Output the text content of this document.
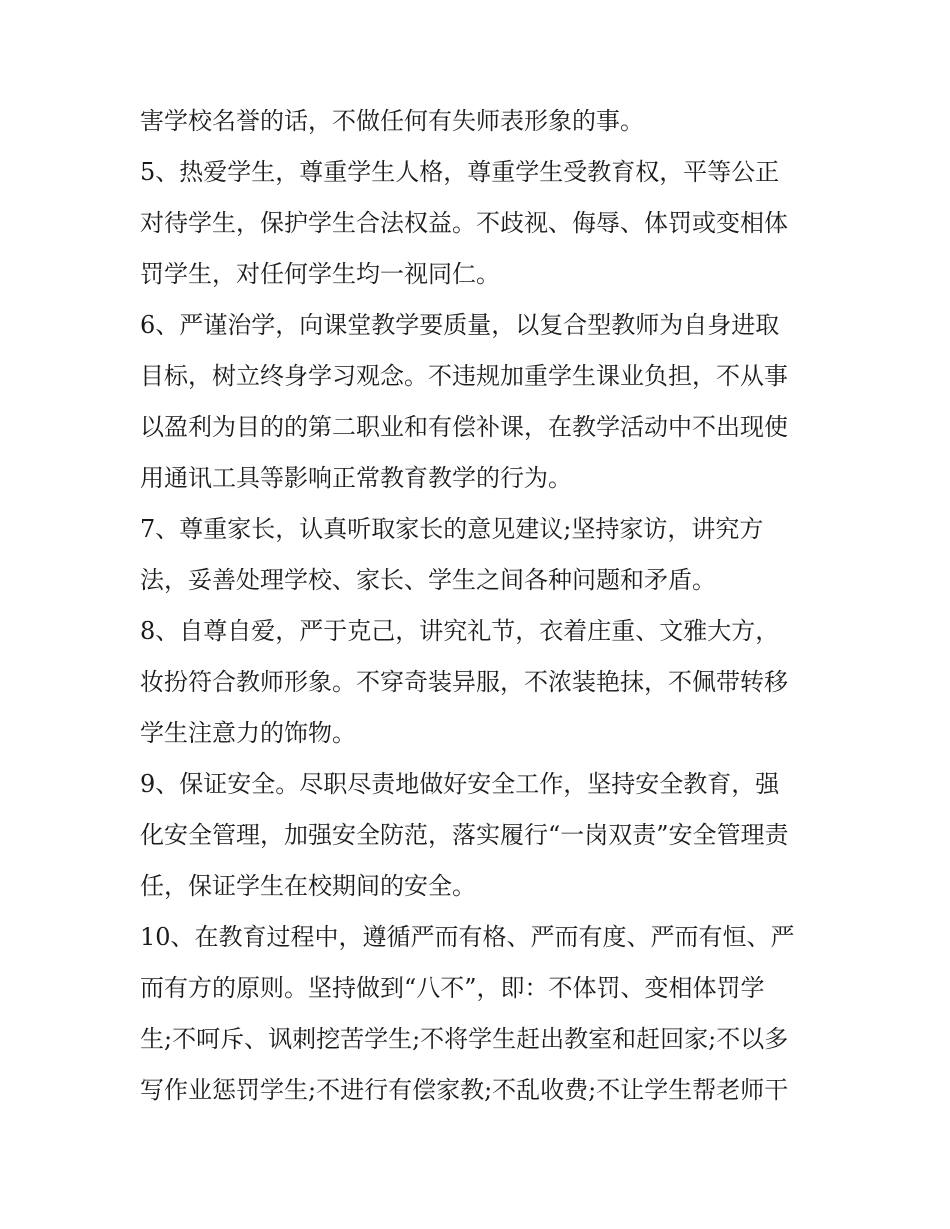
害学校名誉的话，不做任何有失师表形象的事。
5、热爱学生，尊重学生人格，尊重学生受教育权，平等公正
对待学生，保护学生合法权益。不歧视、侮辱、体罚或变相体
罚学生，对任何学生均一视同仁。
6、严谨治学，向课堂教学要质量，以复合型教师为自身进取
目标，树立终身学习观念。不违规加重学生课业负担，不从事
以盈利为目的的第二职业和有偿补课，在教学活动中不出现使
用通讯工具等影响正常教育教学的行为。
7、尊重家长，认真听取家长的意见建议;坚持家访，讲究方
法，妥善处理学校、家长、学生之间各种问题和矛盾。
8、自尊自爱，严于克己，讲究礼节，衣着庄重、文雅大方，
妆扮符合教师形象。不穿奇装异服，不浓装艳抹，不佩带转移
学生注意力的饰物。
9、保证安全。尽职尽责地做好安全工作，坚持安全教育，强
化安全管理，加强安全防范，落实履行“一岗双责”安全管理责
任，保证学生在校期间的安全。
10、在教育过程中，遵循严而有格、严而有度、严而有恒、严
而有方的原则。坚持做到“八不”，即：不体罚、变相体罚学
生;不呵斥、讽刺挖苦学生;不将学生赶出教室和赶回家;不以多
写作业惩罚学生;不进行有偿家教;不乱收费;不让学生帮老师干
